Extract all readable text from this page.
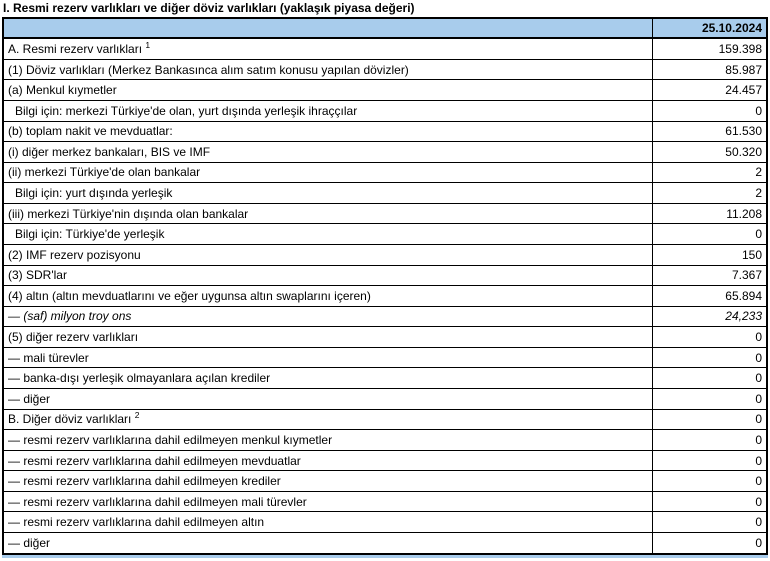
I. Resmi rezerv varlıkları ve diğer döviz varlıkları (yaklaşık piyasa değeri)
	25.10.2024
A. Resmi rezerv varlıkları $^1$	159.398
(1) Döviz varlıkları (Merkez Bankasınca alım satım konusu yapılan dövizler)	85.987
(a) Menkul kıymetler	24.457
Bilgi için: merkezi Türkiye'de olan, yurt dışında yerleşik ihraççılar	0
(b) toplam nakit ve mevduatlar:	61.530
(i) diğer merkez bankaları, BIS ve IMF	50.320
(ii) merkezi Türkiye'de olan bankalar	2
Bilgi için: yurt dışında yerleşik	2
(iii) merkezi Türkiye'nin dışında olan bankalar	11.208
Bilgi için: Türkiye'de yerleşik	0
(2) IMF rezerv pozisyonu	150
(3) SDR'lar	7.367
(4) altın (altın mevduatlarını ve eğer uygunsa altın swaplarını içeren)	65.894
— (saf) milyon troy ons	24,233
(5) diğer rezerv varlıkları	0
— mali türevler	0
— banka-dışı yerleşik olmayanlara açılan krediler	0
— diğer	0
B. Diğer döviz varlıkları $^2$	0
— resmi rezerv varlıklarına dahil edilmeyen menkul kıymetler	0
— resmi rezerv varlıklarına dahil edilmeyen mevduatlar	0
— resmi rezerv varlıklarına dahil edilmeyen krediler	0
— resmi rezerv varlıklarına dahil edilmeyen mali türevler	0
— resmi rezerv varlıklarına dahil edilmeyen altın	0
— diğer	0
